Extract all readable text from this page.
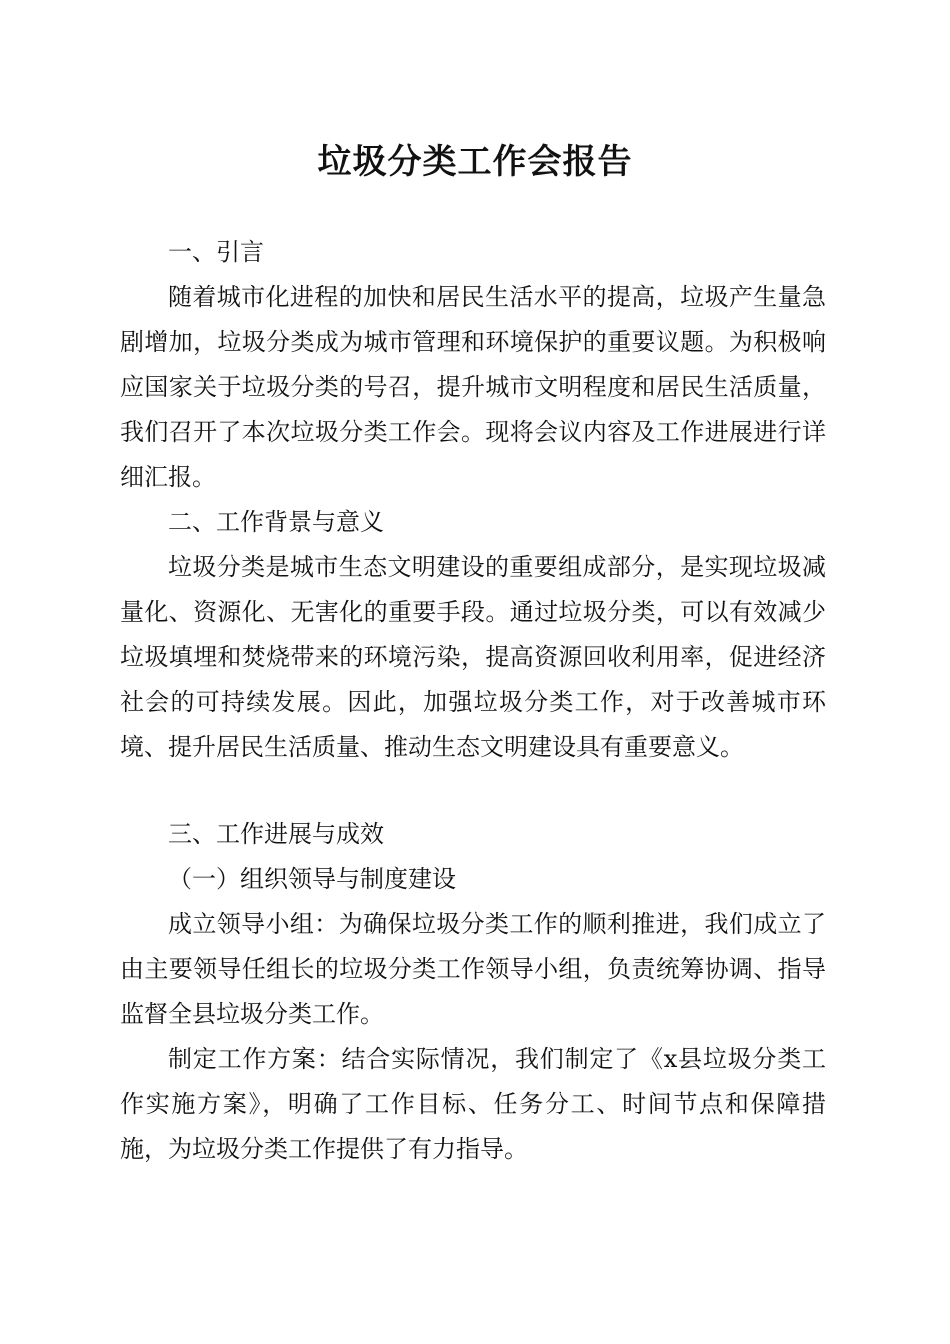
垃圾分类工作会报告

一、引言

随着城市化进程的加快和居民生活水平的提高，垃圾产生量急剧增加，垃圾分类成为城市管理和环境保护的重要议题。为积极响应国家关于垃圾分类的号召，提升城市文明程度和居民生活质量，我们召开了本次垃圾分类工作会。现将会议内容及工作进展进行详细汇报。

二、工作背景与意义

垃圾分类是城市生态文明建设的重要组成部分，是实现垃圾减量化、资源化、无害化的重要手段。通过垃圾分类，可以有效减少垃圾填埋和焚烧带来的环境污染，提高资源回收利用率，促进经济社会的可持续发展。因此，加强垃圾分类工作，对于改善城市环境、提升居民生活质量、推动生态文明建设具有重要意义。

三、工作进展与成效

（一）组织领导与制度建设

成立领导小组：为确保垃圾分类工作的顺利推进，我们成立了由主要领导任组长的垃圾分类工作领导小组，负责统筹协调、指导监督全县垃圾分类工作。

制定工作方案：结合实际情况，我们制定了《x县垃圾分类工作实施方案》，明确了工作目标、任务分工、时间节点和保障措施，为垃圾分类工作提供了有力指导。
